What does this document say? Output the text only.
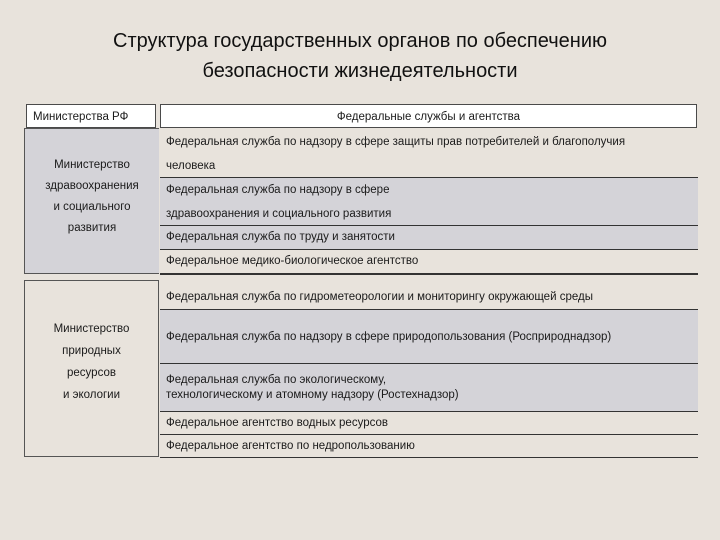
Структура государственных органов по обеспечению
безопасности жизнедеятельности
Министерства РФ	Федеральные службы и агентства
Министерство
здравоохранения
и социального
развития
Министерство
природных
ресурсов
и экологии
Федеральная служба по надзору в сфере защиты прав потребителей и благополучия
человека
Федеральная служба по надзору в сфере
здравоохранения и социального развития
Федеральная служба по труду и занятости
Федеральное медико-биологическое агентство
Федеральная служба по гидрометеорологии и мониторингу окружающей среды
Федеральная служба по надзору в сфере природопользования (Росприроднадзор)
Федеральная служба по экологическому,
технологическому и атомному надзору (Ростехнадзор)
Федеральное агентство водных ресурсов
Федеральное агентство по недропользованию
